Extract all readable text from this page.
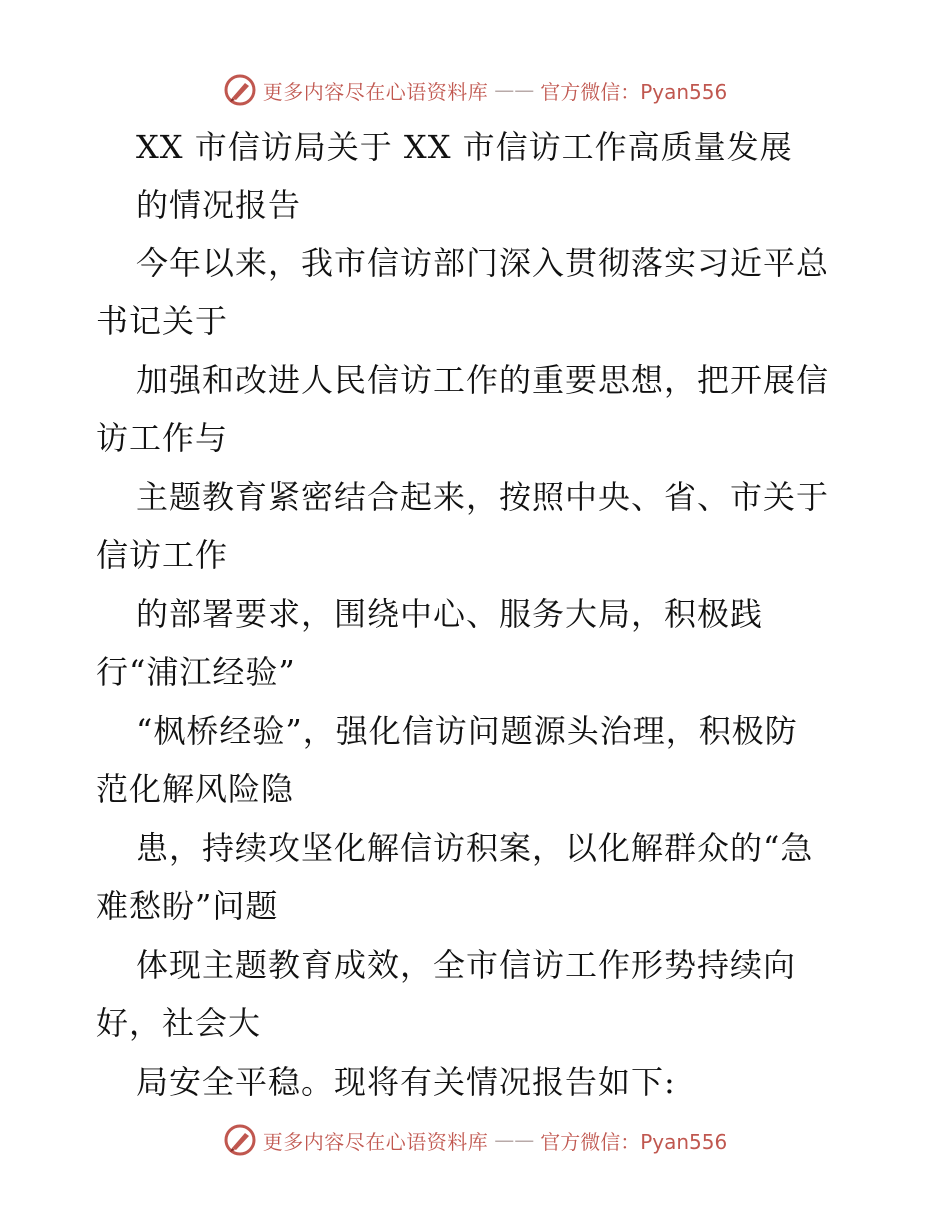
更多内容尽在心语资料库 —— 官方微信：Pyan556
XX 市信访局关于 XX 市信访工作高质量发展
的情况报告
今年以来，我市信访部门深入贯彻落实习近平总
书记关于
加强和改进人民信访工作的重要思想，把开展信
访工作与
主题教育紧密结合起来，按照中央、省、市关于
信访工作
的部署要求，围绕中心、服务大局，积极践
行“浦江经验”
“枫桥经验”，强化信访问题源头治理，积极防
范化解风险隐
患，持续攻坚化解信访积案，以化解群众的“急
难愁盼”问题
体现主题教育成效，全市信访工作形势持续向
好，社会大
局安全平稳。现将有关情况报告如下:
更多内容尽在心语资料库 —— 官方微信：Pyan556
